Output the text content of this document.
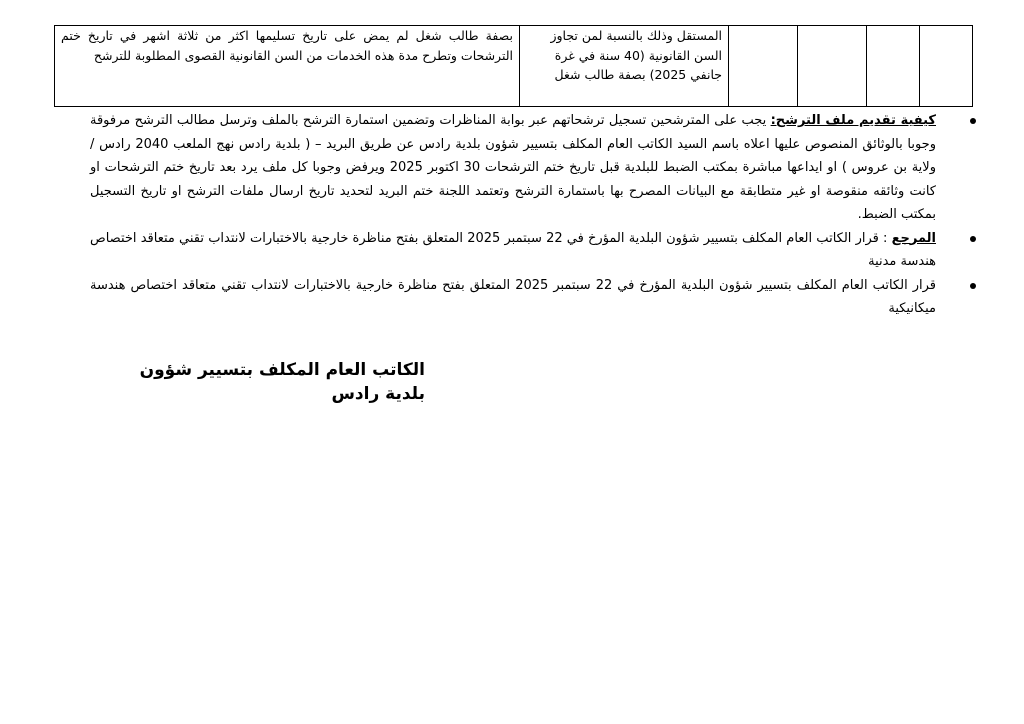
				المستقل وذلك بالنسبة لمن تجاوز السن القانونية (40 سنة في غرة جانفي 2025) بصفة طالب شغل	بصفة طالب شغل لم يمض على تاريخ تسليمها اكثر من ثلاثة اشهر في تاريخ ختم الترشحات وتطرح مدة هذه الخدمات من السن القانونية القصوى المطلوبة للترشح
كيفية تقديم ملف الترشح: يجب على المترشحين تسجيل ترشحاتهم عبر بوابة المناظرات وتضمين استمارة الترشح بالملف وترسل مطالب الترشح مرفوقة وجوبا بالوثائق المنصوص عليها اعلاه باسم السيد الكاتب العام المكلف بتسيير شؤون بلدية رادس عن طريق البريد – ( بلدية رادس نهج الملعب 2040 رادس /ولاية بن عروس ) او ايداعها مباشرة بمكتب الضبط للبلدية قبل تاريخ ختم الترشحات 30 اكتوبر 2025 ويرفض وجوبا كل ملف يرد بعد تاريخ ختم الترشحات او كانت وثائقه منقوصة او غير متطابقة مع البيانات المصرح بها باستمارة الترشح وتعتمد اللجنة ختم البريد لتحديد تاريخ ارسال ملفات الترشح او تاريخ التسجيل بمكتب الضبط.
المرجع : قرار الكاتب العام المكلف بتسيير شؤون البلدية المؤرخ في 22 سبتمبر 2025 المتعلق بفتح مناظرة خارجية بالاختبارات لانتداب تقني متعاقد اختصاص هندسة مدنية
قرار الكاتب العام المكلف بتسيير شؤون البلدية المؤرخ في 22 سبتمبر 2025 المتعلق بفتح مناظرة خارجية بالاختبارات لانتداب تقني متعاقد اختصاص هندسة ميكانيكية
الكاتب العام المكلف بتسيير شؤون بلدية رادس
